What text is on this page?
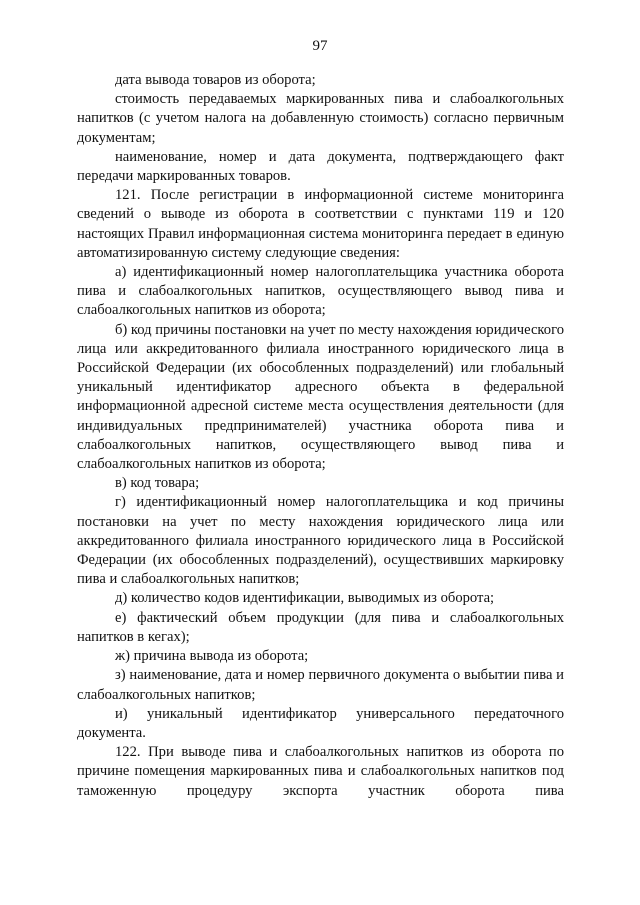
97

дата вывода товаров из оборота;

стоимость передаваемых маркированных пива и слабоалкогольных напитков (с учетом налога на добавленную стоимость) согласно первичным документам;

наименование, номер и дата документа, подтверждающего факт передачи маркированных товаров.

121. После регистрации в информационной системе мониторинга сведений о выводе из оборота в соответствии с пунктами 119 и 120 настоящих Правил информационная система мониторинга передает в единую автоматизированную систему следующие сведения:

а) идентификационный номер налогоплательщика участника оборота пива и слабоалкогольных напитков, осуществляющего вывод пива и слабоалкогольных напитков из оборота;

б) код причины постановки на учет по месту нахождения юридического лица или аккредитованного филиала иностранного юридического лица в Российской Федерации (их обособленных подразделений) или глобальный уникальный идентификатор адресного объекта в федеральной информационной адресной системе места осуществления деятельности (для индивидуальных предпринимателей) участника оборота пива и слабоалкогольных напитков, осуществляющего вывод пива и слабоалкогольных напитков из оборота;

в) код товара;

г) идентификационный номер налогоплательщика и код причины постановки на учет по месту нахождения юридического лица или аккредитованного филиала иностранного юридического лица в Российской Федерации (их обособленных подразделений), осуществивших маркировку пива и слабоалкогольных напитков;

д) количество кодов идентификации, выводимых из оборота;

е) фактический объем продукции (для пива и слабоалкогольных напитков в кегах);

ж) причина вывода из оборота;

з) наименование, дата и номер первичного документа о выбытии пива и слабоалкогольных напитков;

и) уникальный идентификатор универсального передаточного документа.

122. При выводе пива и слабоалкогольных напитков из оборота по причине помещения маркированных пива и слабоалкогольных напитков под таможенную процедуру экспорта участник оборота пива
